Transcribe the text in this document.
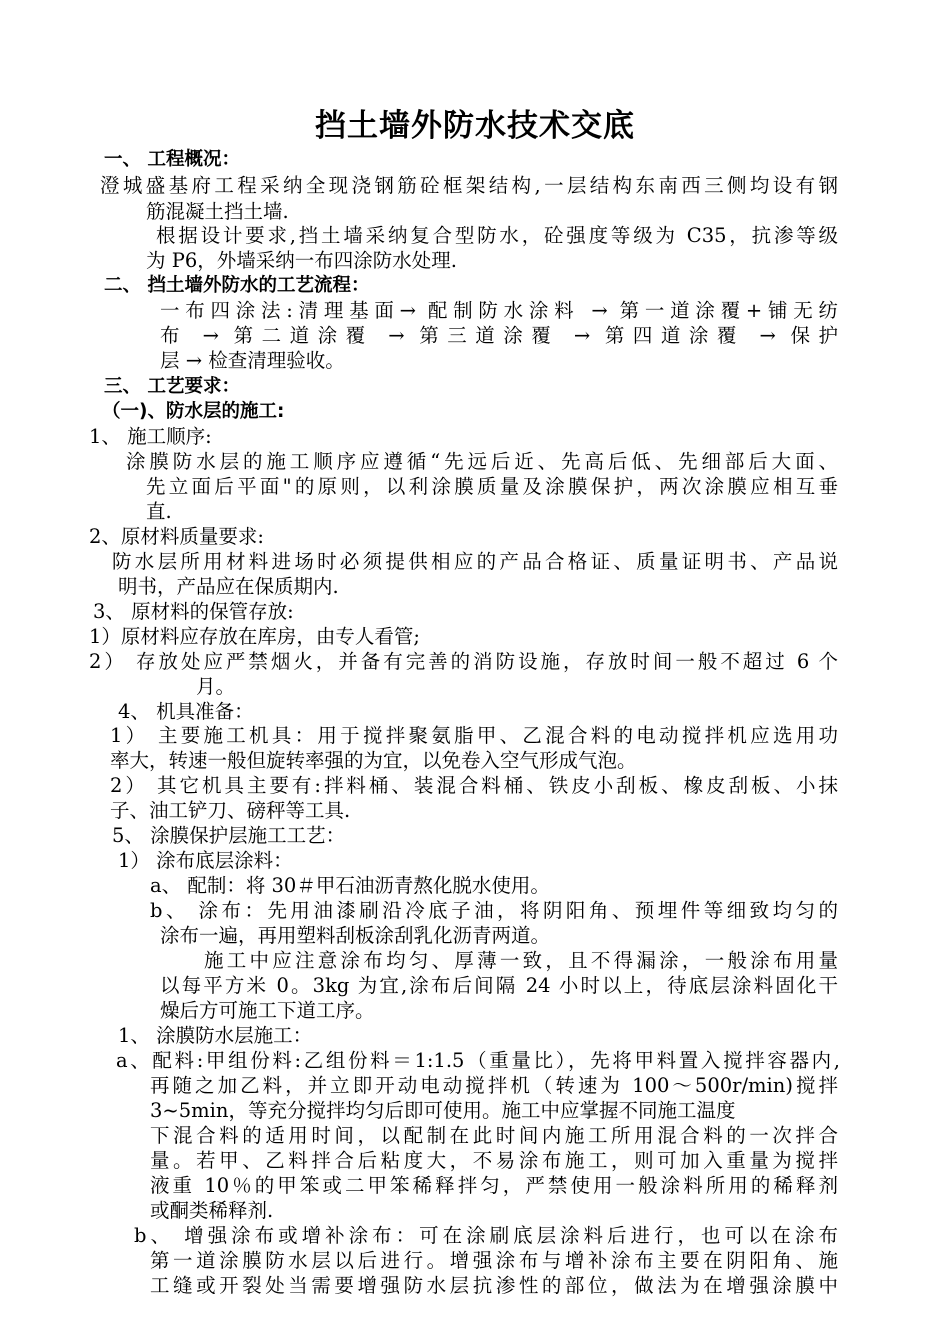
挡土墙外防水技术交底
一、 工程概况：
澄城盛基府工程采纳全现浇钢筋砼框架结构,一层结构东南西三侧均设有钢
筋混凝土挡土墙.
根据设计要求,挡土墙采纳复合型防水，砼强度等级为 C35，抗渗等级
为 P6，外墙采纳一布四涂防水处理.
二、 挡土墙外防水的工艺流程：
一布四涂法:清理基面→ 配制防水涂料 → 第一道涂覆+铺无纺
布 → 第二道涂覆 → 第三道涂覆 → 第四道涂覆 → 保护
层 → 检查清理验收。
三、 工艺要求：
（一)、防水层的施工:
1、 施工顺序:
涂膜防水层的施工顺序应遵循“先远后近、先高后低、先细部后大面、
先立面后平面"的原则，以利涂膜质量及涂膜保护，两次涂膜应相互垂
直.
2、原材料质量要求:
防水层所用材料进场时必须提供相应的产品合格证、质量证明书、产品说
明书，产品应在保质期内.
3、 原材料的保管存放:
1）原材料应存放在库房，由专人看管;
2） 存放处应严禁烟火，并备有完善的消防设施，存放时间一般不超过 6 个
月。
4、 机具准备：
1） 主要施工机具：用于搅拌聚氨脂甲、乙混合料的电动搅拌机应选用功
率大，转速一般但旋转率强的为宜，以免卷入空气形成气泡。
2） 其它机具主要有:拌料桶、装混合料桶、铁皮小刮板、橡皮刮板、小抹
子、油工铲刀、磅秤等工具.
5、 涂膜保护层施工工艺：
1） 涂布底层涂料：
a、 配制：将 30＃甲石油沥青熬化脱水使用。
b、 涂布：先用油漆刷沿冷底子油，将阴阳角、预埋件等细致均匀的
涂布一遍，再用塑料刮板涂刮乳化沥青两道。
施工中应注意涂布均匀、厚薄一致，且不得漏涂，一般涂布用量
以每平方米 0。3kg 为宜,涂布后间隔 24 小时以上，待底层涂料固化干
燥后方可施工下道工序。
1、 涂膜防水层施工：
a、配料:甲组份料:乙组份料＝1:1.5（重量比），先将甲料置入搅拌容器内,
再随之加乙料，并立即开动电动搅拌机（转速为 100～500r/min)搅拌
3~5min，等充分搅拌均匀后即可使用。施工中应掌握不同施工温度
下混合料的适用时间，以配制在此时间内施工所用混合料的一次拌合
量。若甲、乙料拌合后粘度大，不易涂布施工，则可加入重量为搅拌
液重 10％的甲笨或二甲笨稀释拌匀，严禁使用一般涂料所用的稀释剂
或酮类稀释剂.
b、 增强涂布或增补涂布：可在涂刷底层涂料后进行，也可以在涂布
第一道涂膜防水层以后进行。增强涂布与增补涂布主要在阴阳角、施
工缝或开裂处当需要增强防水层抗渗性的部位，做法为在增强涂膜中
